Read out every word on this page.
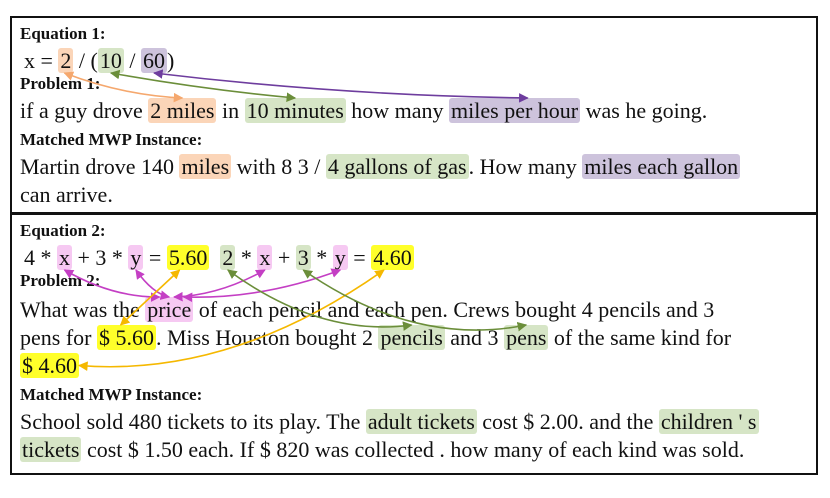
Equation 1:
x = 2 / (10 / 60)
Problem 1:
if a guy drove 2 miles in 10 minutes how many miles per hour was he going.
Matched MWP Instance:
Martin drove 140 miles with 8 3 / 4 gallons of gas. How many miles each gallon
can arrive.
Equation 2:
4 * x + 3 * y = 5.60 2 * x + 3 * y = 4.60
Problem 2:
What was the price of each pencil and each pen. Crews bought 4 pencils and 3
pens for $ 5.60. Miss Houston bought 2 pencils and 3 pens of the same kind for
$ 4.60
Matched MWP Instance:
School sold 480 tickets to its play. The adult tickets cost $ 2.00. and the children ' s
tickets cost $ 1.50 each. If $ 820 was collected . how many of each kind was sold.
